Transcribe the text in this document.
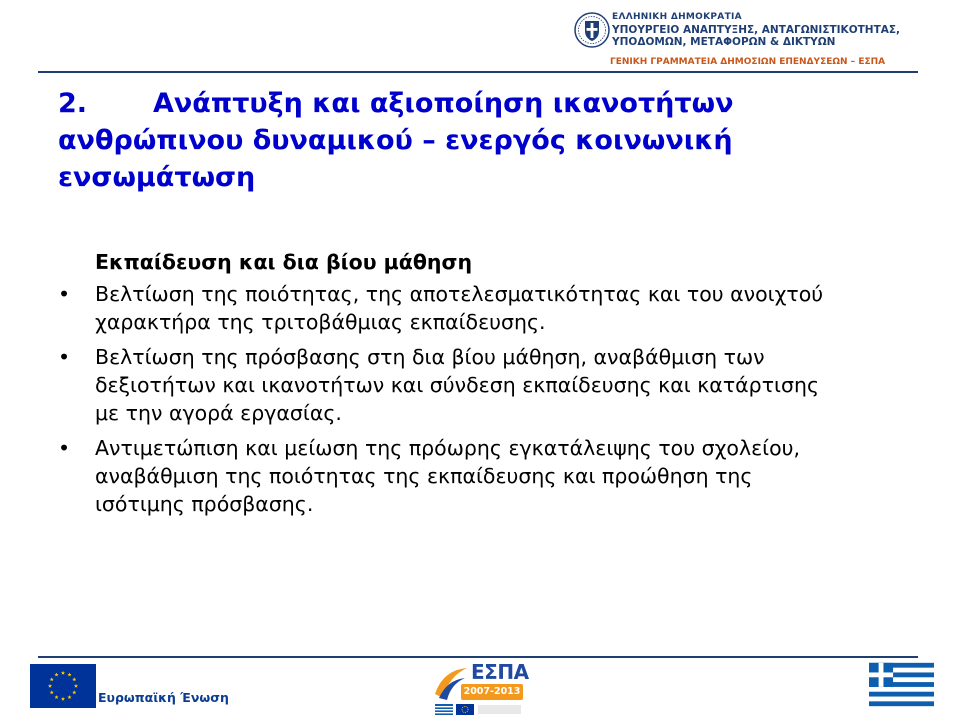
ΕΛΛΗΝΙΚΗ ΔΗΜΟΚΡΑΤΙΑ
ΥΠΟΥΡΓΕΙΟ ΑΝΑΠΤΥΞΗΣ, ΑΝΤΑΓΩΝΙΣΤΙΚΟΤΗΤΑΣ,
ΥΠΟΔΟΜΩΝ, ΜΕΤΑΦΟΡΩΝ & ΔΙΚΤΥΩΝ
ΓΕΝΙΚΗ ΓΡΑΜΜΑΤΕΙΑ ΔΗΜΟΣΙΩΝ ΕΠΕΝΔΥΣΕΩΝ – ΕΣΠΑ
2. Ανάπτυξη και αξιοποίηση ικανοτήτων
ανθρώπινου δυναμικού – ενεργός κοινωνική
ενσωμάτωση
Εκπαίδευση και δια βίου μάθηση
•	Βελτίωση της ποιότητας, της αποτελεσματικότητας και του ανοιχτού
χαρακτήρα της τριτοβάθμιας εκπαίδευσης.
•	Βελτίωση της πρόσβασης στη δια βίου μάθηση, αναβάθμιση των
δεξιοτήτων και ικανοτήτων και σύνδεση εκπαίδευσης και κατάρτισης
με την αγορά εργασίας.
•	Αντιμετώπιση και μείωση της πρόωρης εγκατάλειψης του σχολείου,
αναβάθμιση της ποιότητας της εκπαίδευσης και προώθηση της
ισότιμης πρόσβασης.
Ευρωπαϊκή Ένωση
ΕΣΠΑ
2007-2013
